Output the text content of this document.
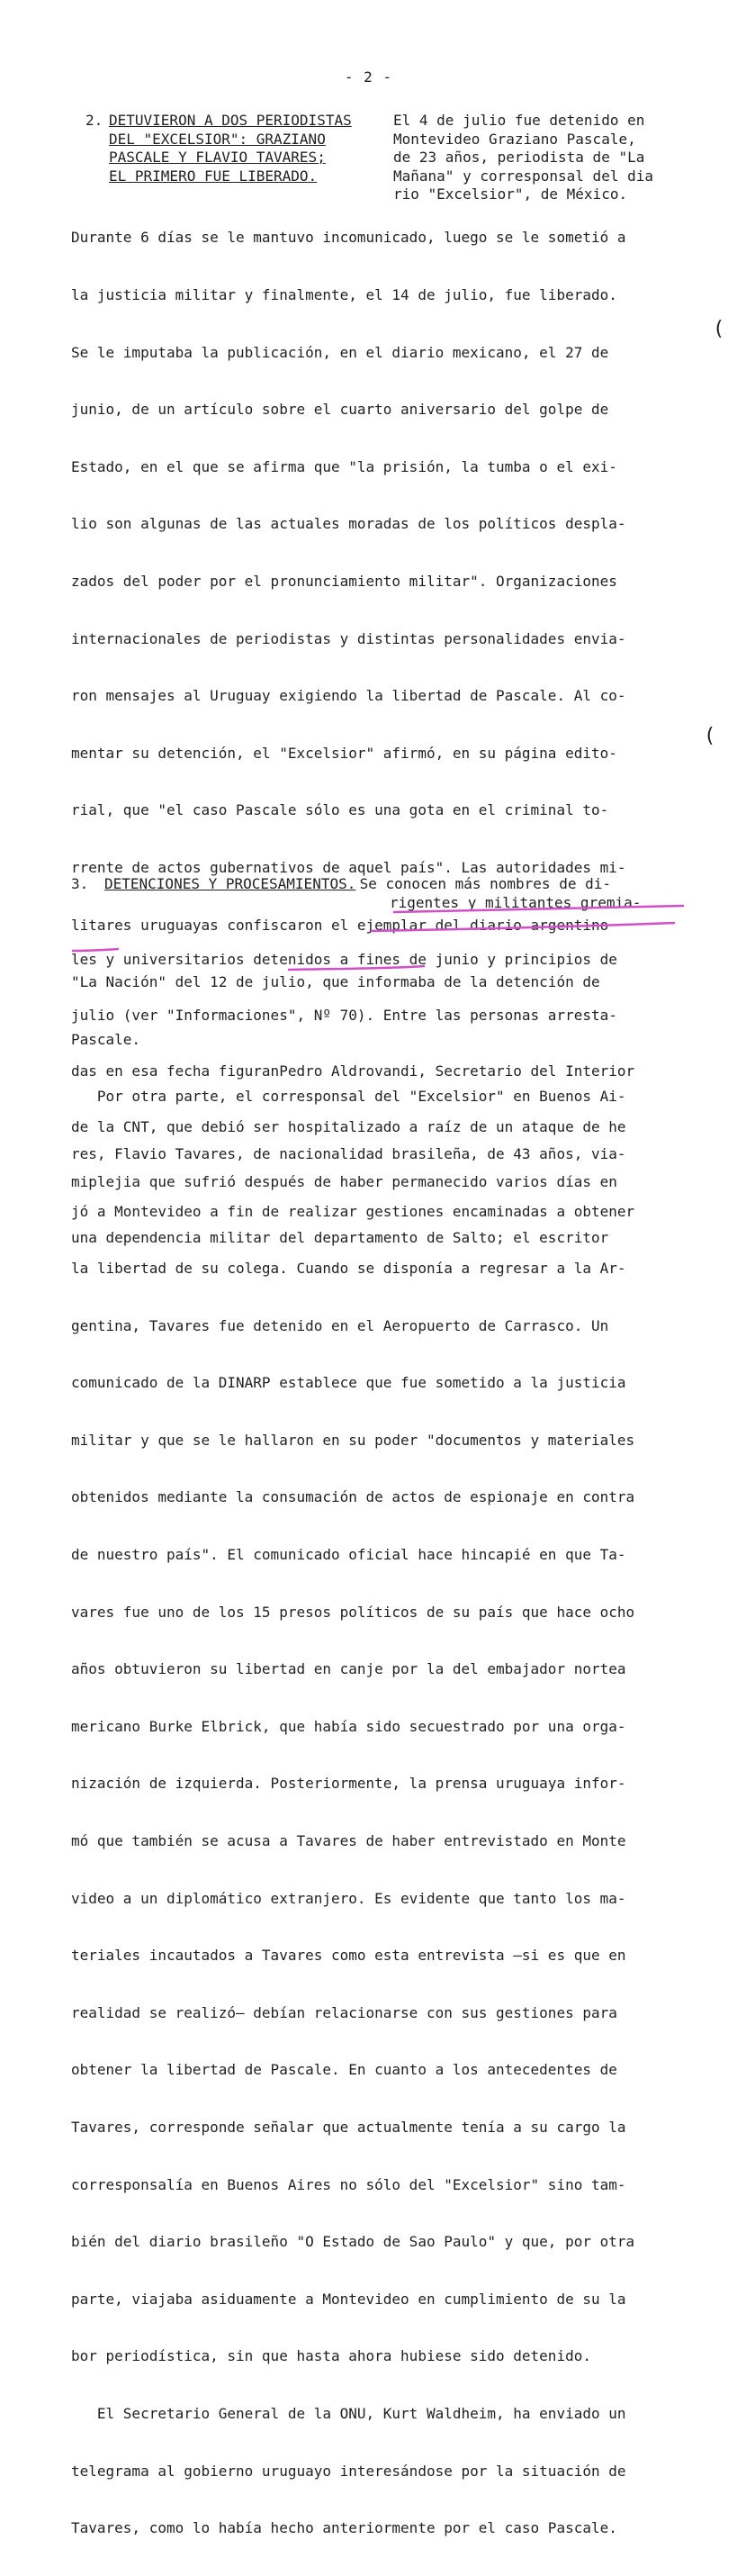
- 2 -
2. DETUVIERON A DOS PERIODISTAS
DEL "EXCELSIOR": GRAZIANO
PASCALE Y FLAVIO TAVARES;
EL PRIMERO FUE LIBERADO.
El 4 de julio fue detenido en
Montevideo Graziano Pascale,
de 23 años, periodista de "La
Mañana" y corresponsal del dia
rio "Excelsior", de México.

Durante 6 días se le mantuvo incomunicado, luego se le sometió a

la justicia militar y finalmente, el 14 de julio, fue liberado.

Se le imputaba la publicación, en el diario mexicano, el 27 de

junio, de un artículo sobre el cuarto aniversario del golpe de

Estado, en el que se afirma que "la prisión, la tumba o el exi-

lio son algunas de las actuales moradas de los políticos despla-

zados del poder por el pronunciamiento militar". Organizaciones

internacionales de periodistas y distintas personalidades envia-

ron mensajes al Uruguay exigiendo la libertad de Pascale. Al co-

mentar su detención, el "Excelsior" afirmó, en su página edito-

rial, que "el caso Pascale sólo es una gota en el criminal to-

rrente de actos gubernativos de aquel país". Las autoridades mi-

litares uruguayas confiscaron el ejemplar del diario argentino

"La Nación" del 12 de julio, que informaba de la detención de

Pascale.

Por otra parte, el corresponsal del "Excelsior" en Buenos Ai-

res, Flavio Tavares, de nacionalidad brasileña, de 43 años, via-

jó a Montevideo a fin de realizar gestiones encaminadas a obtener

la libertad de su colega. Cuando se disponía a regresar a la Ar-

gentina, Tavares fue detenido en el Aeropuerto de Carrasco. Un

comunicado de la DINARP establece que fue sometido a la justicia

militar y que se le hallaron en su poder "documentos y materiales

obtenidos mediante la consumación de actos de espionaje en contra

de nuestro país". El comunicado oficial hace hincapié en que Ta-

vares fue uno de los 15 presos políticos de su país que hace ocho

años obtuvieron su libertad en canje por la del embajador nortea

mericano Burke Elbrick, que había sido secuestrado por una orga-

nización de izquierda. Posteriormente, la prensa uruguaya infor-

mó que también se acusa a Tavares de haber entrevistado en Monte

video a un diplomático extranjero. Es evidente que tanto los ma-

teriales incautados a Tavares como esta entrevista —si es que en

realidad se realizó— debían relacionarse con sus gestiones para

obtener la libertad de Pascale. En cuanto a los antecedentes de

Tavares, corresponde señalar que actualmente tenía a su cargo la

corresponsalía en Buenos Aires no sólo del "Excelsior" sino tam-

bién del diario brasileño "O Estado de Sao Paulo" y que, por otra

parte, viajaba asiduamente a Montevideo en cumplimiento de su la

bor periodística, sin que hasta ahora hubiese sido detenido.

El Secretario General de la ONU, Kurt Waldheim, ha enviado un

telegrama al gobierno uruguayo interesándose por la situación de

Tavares, como lo había hecho anteriormente por el caso Pascale.

(
(
3. DETENCIONES Y PROCESAMIENTOS.
Se conocen más nombres de di-
rigentes y militantes gremia-

les y universitarios detenidos a fines de junio y principios de

julio (ver "Informaciones", Nº 70). Entre las personas arresta-

das en esa fecha figuranPedro Aldrovandi, Secretario del Interior

de la CNT, que debió ser hospitalizado a raíz de un ataque de he

miplejia que sufrió después de haber permanecido varios días en

una dependencia militar del departamento de Salto; el escritor
